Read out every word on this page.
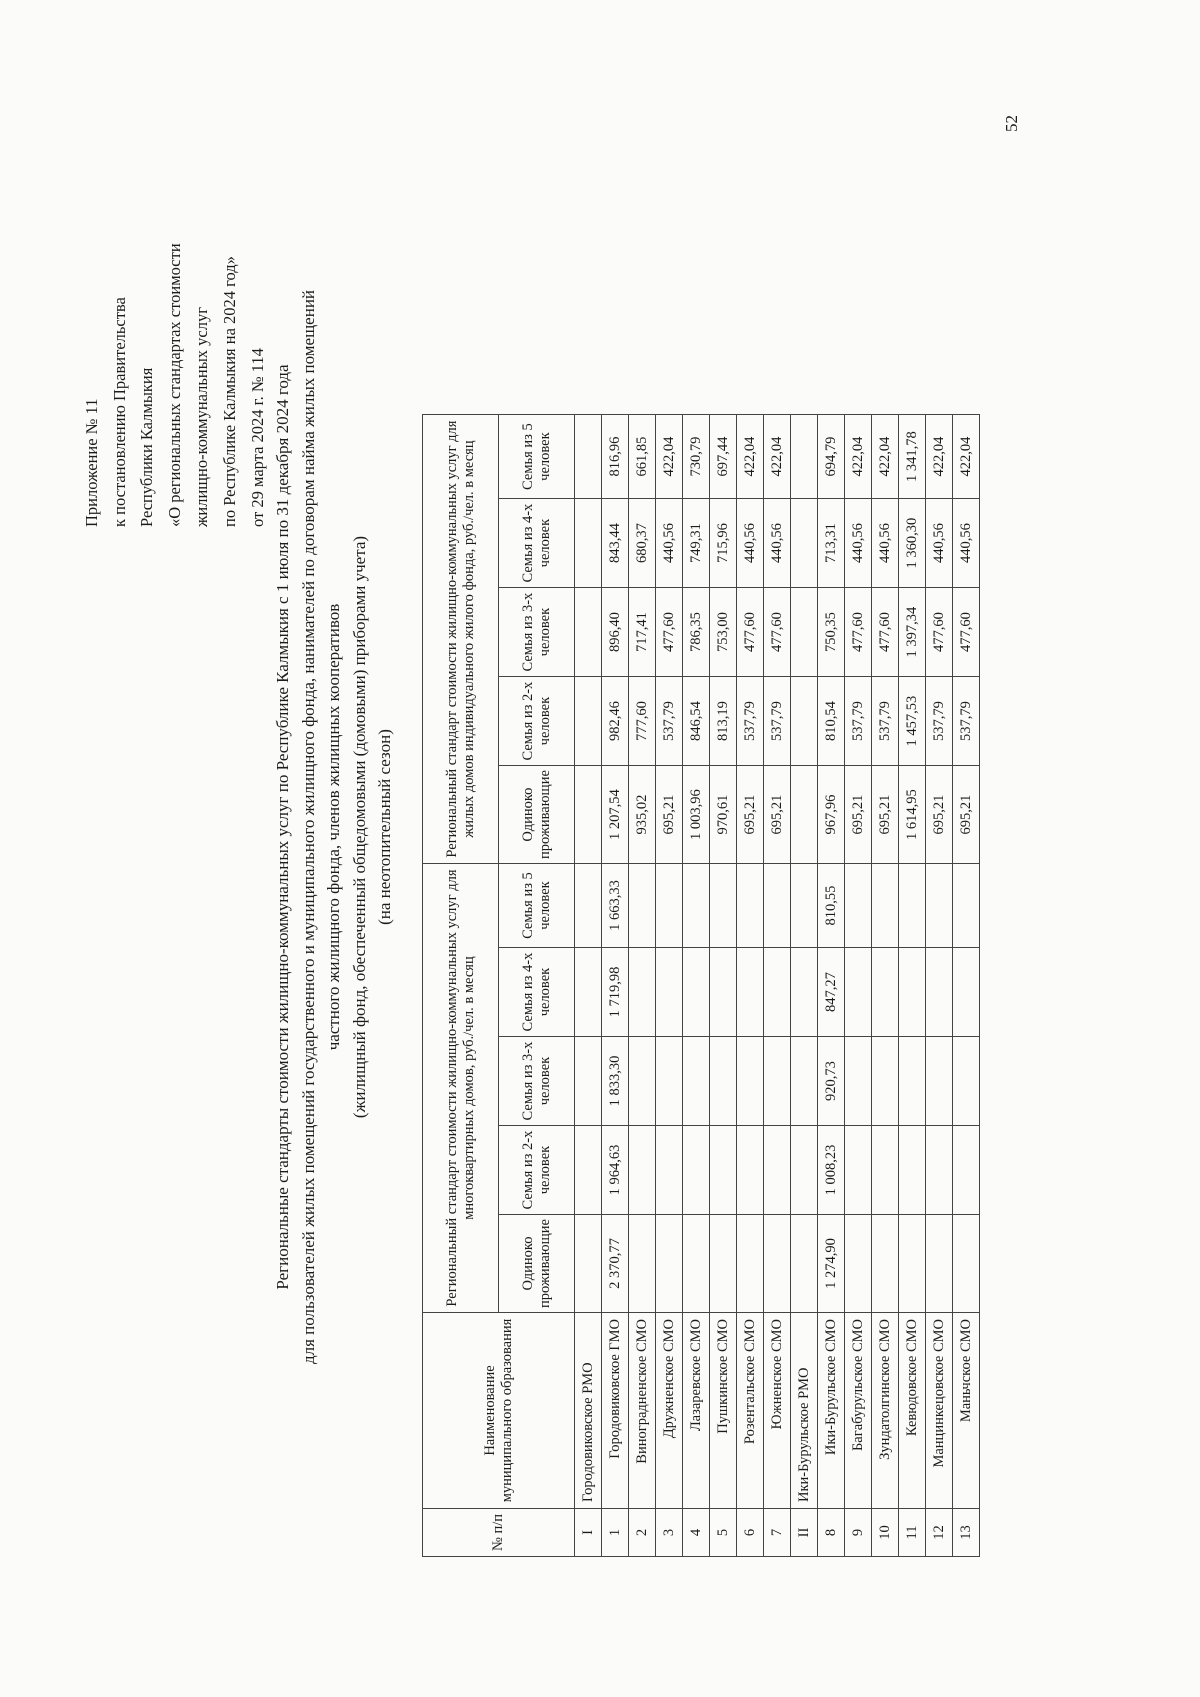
Приложение № 11 к постановлению Правительства Республики Калмыкия «О региональных стандартах стоимости жилищно-коммунальных услуг по Республике Калмыкия на 2024 год» от 29 марта 2024 г. № 114 Региональные стандарты стоимости жилищно-коммунальных услуг по Республике Калмыкия с 1 июля по 31 декабря 2024 года для пользователей жилых помещений государственного и муниципального жилищного фонда, нанимателей по договорам найма жилых помещений частного жилищного фонда, членов жилищных кооперативов (жилищный фонд, обеспеченный общедомовыми (домовыми) приборами учета) (на неотопительный сезон)
№ п/п	Наименование муниципального образования	Региональный стандарт стоимости жилищно-коммунальных услуг для многоквартирных домов, руб./чел. в месяц					Региональный стандарт стоимости жилищно-коммунальных услуг для жилых домов индивидуального жилого фонда, руб./чел. в месяц				
		Одиноко проживающие	Семья из 2-х человек	Семья из 3-х человек	Семья из 4-х человек	Семья из 5 человек	Одиноко проживающие	Семья из 2-х человек	Семья из 3-х человек	Семья из 4-х человек	Семья из 5 человек
I	Городовиковское РМО										
1	Городовиковское ГМО	2 370,77	1 964,63	1 833,30	1 719,98	1 663,33	1 207,54	982,46	896,40	843,44	816,96
2	Виноградненское СМО						935,02	777,60	717,41	680,37	661,85
3	Дружненское СМО						695,21	537,79	477,60	440,56	422,04
4	Лазаревское СМО						1 003,96	846,54	786,35	749,31	730,79
5	Пушкинское СМО						970,61	813,19	753,00	715,96	697,44
6	Розентальское СМО						695,21	537,79	477,60	440,56	422,04
7	Южненское СМО						695,21	537,79	477,60	440,56	422,04
II	Ики-Бурульское РМО										
8	Ики-Бурульское СМО	1 274,90	1 008,23	920,73	847,27	810,55	967,96	810,54	750,35	713,31	694,79
9	Багабурульское СМО						695,21	537,79	477,60	440,56	422,04
10	Зундатолгинское СМО						695,21	537,79	477,60	440,56	422,04
11	Кевюдовское СМО						1 614,95	1 457,53	1 397,34	1 360,30	1 341,78
12	Манцинкецовское СМО						695,21	537,79	477,60	440,56	422,04
13	Маньчское СМО						695,21	537,79	477,60	440,56	422,04
52
